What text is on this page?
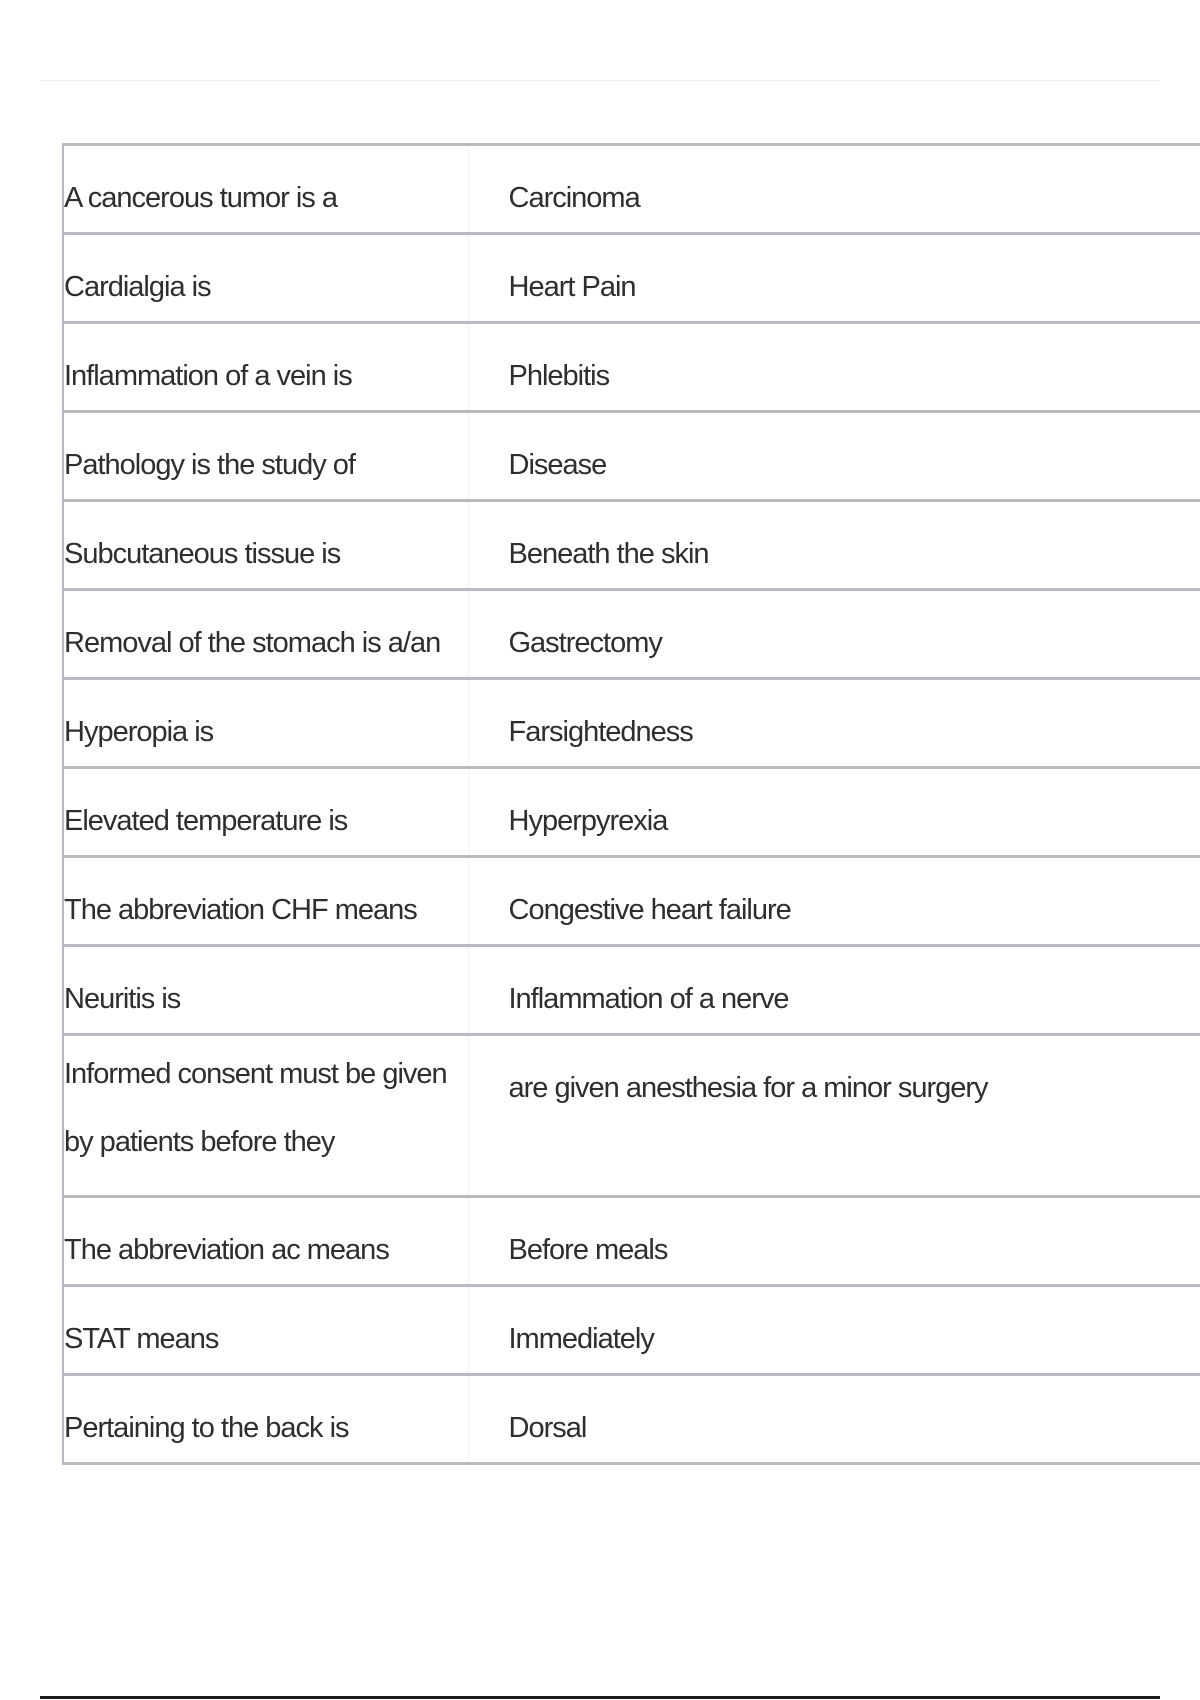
A cancerous tumor is a	Carcinoma
Cardialgia is	Heart Pain
Inflammation of a vein is	Phlebitis
Pathology is the study of	Disease
Subcutaneous tissue is	Beneath the skin
Removal of the stomach is a/an	Gastrectomy
Hyperopia is	Farsightedness
Elevated temperature is	Hyperpyrexia
The abbreviation CHF means	Congestive heart failure
Neuritis is	Inflammation of a nerve
Informed consent must be given by patients before they	are given anesthesia for a minor surgery
The abbreviation ac means	Before meals
STAT means	Immediately
Pertaining to the back is	Dorsal
